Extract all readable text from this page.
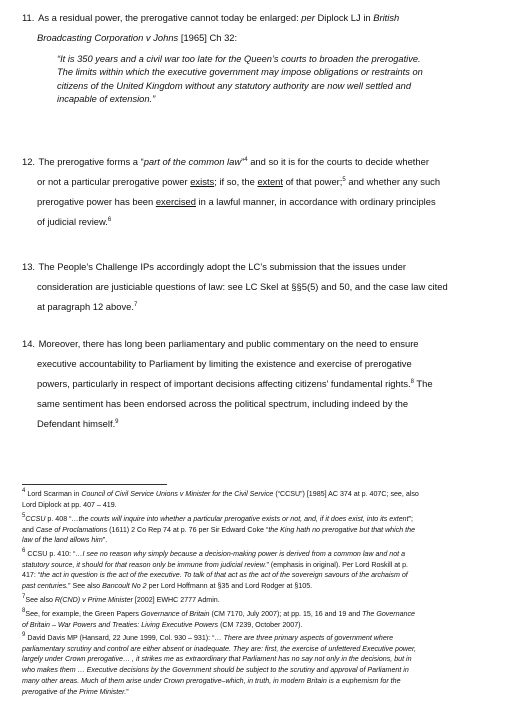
11. As a residual power, the prerogative cannot today be enlarged: per Diplock LJ in British
Broadcasting Corporation v Johns [1965] Ch 32:
“It is 350 years and a civil war too late for the Queen’s courts to broaden the prerogative.
The limits within which the executive government may impose obligations or restraints on
citizens of the United Kingdom without any statutory authority are now well settled and
incapable of extension.”
12. The prerogative forms a “part of the common law”$^4$ and so it is for the courts to decide whether
or not a particular prerogative power exists; if so, the extent of that power;$^5$ and whether any such
prerogative power has been exercised in a lawful manner, in accordance with ordinary principles
of judicial review.$^6$
13. The People’s Challenge IPs accordingly adopt the LC’s submission that the issues under
consideration are justiciable questions of law: see LC Skel at §§5(5) and 50, and the case law cited
at paragraph 12 above.$^7$
14. Moreover, there has long been parliamentary and public commentary on the need to ensure
executive accountability to Parliament by limiting the existence and exercise of prerogative
powers, particularly in respect of important decisions affecting citizens’ fundamental rights.$^8$ The
same sentiment has been endorsed across the political spectrum, including indeed by the
Defendant himself.$^9$
$^4$ Lord Scarman in Council of Civil Service Unions v Minister for the Civil Service (“CCSU”) [1985] AC 374 at p. 407C; see, also
Lord Diplock at pp. 407 – 419.
$^5$CCSU p. 408 “…the courts will inquire into whether a particular prerogative exists or not, and, if it does exist, into its extent”;
and Case of Proclamations (1611) 2 Co Rep 74 at p. 76 per Sir Edward Coke “the King hath no prerogative but that which the
law of the land allows him”.
$^6$ CCSU p. 410: “…I see no reason why simply because a decision-making power is derived from a common law and not a
statutory source, it should for that reason only be immune from judicial review.” (emphasis in original). Per Lord Roskill at p.
417: “the act in question is the act of the executive. To talk of that act as the act of the sovereign savours of the archaism of
past centuries.” See also Bancoult No 2 per Lord Hoffmann at §35 and Lord Rodger at §105.
$^7$See also R(CND) v Prime Minister [2002] EWHC 2777 Admin.
$^8$See, for example, the Green Papers Governance of Britain (CM 7170, July 2007); at pp. 15, 16 and 19 and The Governance
of Britain – War Powers and Treaties: Living Executive Powers (CM 7239, October 2007).
$^9$ David Davis MP (Hansard, 22 June 1999, Col. 930 – 931): “… There are three primary aspects of government where
parliamentary scrutiny and control are either absent or inadequate. They are: first, the exercise of unfettered Executive power,
largely under Crown prerogative… , it strikes me as extraordinary that Parliament has no say not only in the decisions, but in
who makes them … Executive decisions by the Government should be subject to the scrutiny and approval of Parliament in
many other areas. Much of them arise under Crown prerogative–which, in truth, in modern Britain is a euphemism for the
prerogative of the Prime Minister.”
